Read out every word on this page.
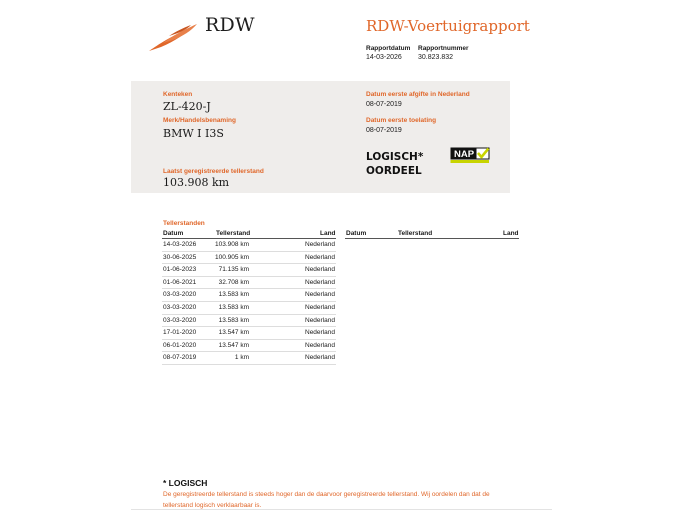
RDW	RDW-Voertuigrapport
Rapportdatum Rapportnummer
14-03-2026 30.823.832
Kenteken
ZL-420-J
Merk/Handelsbenaming
BMW I I3S
Laatst geregistreerde tellerstand
103.908 km
Datum eerste afgifte in Nederland
08-07-2019
Datum eerste toelating
08-07-2019
LOGISCH*
OORDEEL
NAP
Tellerstanden
Datum	Tellerstand	Land Datum	Tellerstand	Land
14-03-2026	103.908 km	Nederland
30-06-2025	100.905 km	Nederland
01-06-2023	71.135 km	Nederland
01-06-2021	32.708 km	Nederland
03-03-2020	13.583 km	Nederland
03-03-2020	13.583 km	Nederland
03-03-2020	13.583 km	Nederland
17-01-2020	13.547 km	Nederland
06-01-2020	13.547 km	Nederland
08-07-2019	1 km	Nederland
* LOGISCH
De geregistreerde tellerstand is steeds hoger dan de daarvoor geregistreerde tellerstand. Wij oordelen dan dat de tellerstand logisch verklaarbaar is.
